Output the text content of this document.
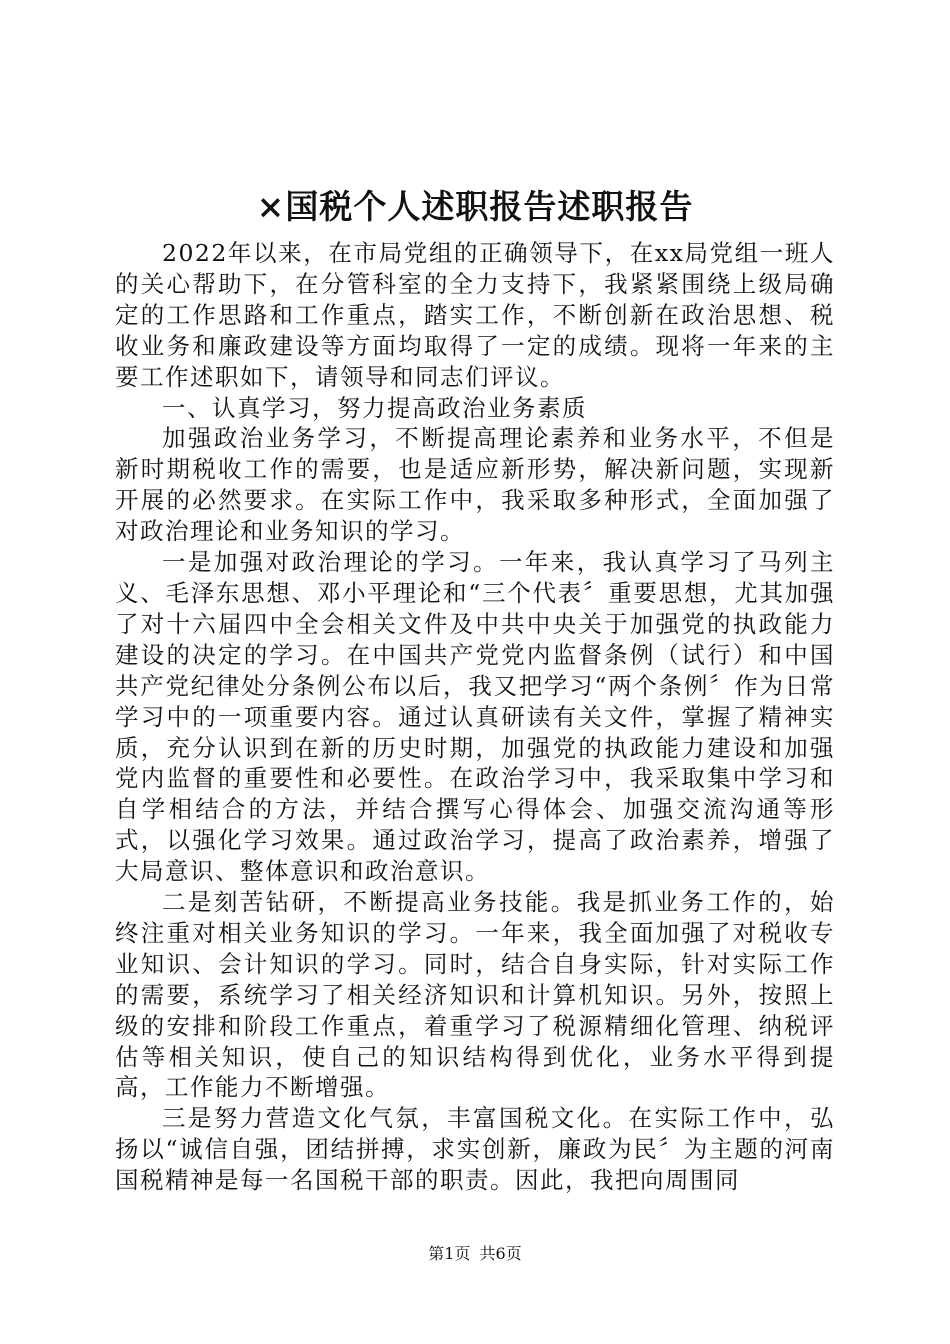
×国税个人述职报告述职报告

2022年以来，在市局党组的正确领导下，在xx局党组一班人的关心帮助下，在分管科室的全力支持下，我紧紧围绕上级局确定的工作思路和工作重点，踏实工作，不断创新在政治思想、税收业务和廉政建设等方面均取得了一定的成绩。现将一年来的主要工作述职如下，请领导和同志们评议。

一、认真学习，努力提高政治业务素质

加强政治业务学习，不断提高理论素养和业务水平，不但是新时期税收工作的需要，也是适应新形势，解决新问题，实现新开展的必然要求。在实际工作中，我采取多种形式，全面加强了对政治理论和业务知识的学习。

一是加强对政治理论的学习。一年来，我认真学习了马列主义、毛泽东思想、邓小平理论和“三个代表〞重要思想，尤其加强了对十六届四中全会相关文件及中共中央关于加强党的执政能力建设的决定的学习。在中国共产党党内监督条例（试行）和中国共产党纪律处分条例公布以后，我又把学习“两个条例〞作为日常学习中的一项重要内容。通过认真研读有关文件，掌握了精神实质，充分认识到在新的历史时期，加强党的执政能力建设和加强党内监督的重要性和必要性。在政治学习中，我采取集中学习和自学相结合的方法，并结合撰写心得体会、加强交流沟通等形式，以强化学习效果。通过政治学习，提高了政治素养，增强了大局意识、整体意识和政治意识。

二是刻苦钻研，不断提高业务技能。我是抓业务工作的，始终注重对相关业务知识的学习。一年来，我全面加强了对税收专业知识、会计知识的学习。同时，结合自身实际，针对实际工作的需要，系统学习了相关经济知识和计算机知识。另外，按照上级的安排和阶段工作重点，着重学习了税源精细化管理、纳税评估等相关知识，使自己的知识结构得到优化，业务水平得到提高，工作能力不断增强。

三是努力营造文化气氛，丰富国税文化。在实际工作中，弘扬以“诚信自强，团结拼搏，求实创新，廉政为民〞为主题的河南国税精神是每一名国税干部的职责。因此，我把向周围同

第1页 共6页
